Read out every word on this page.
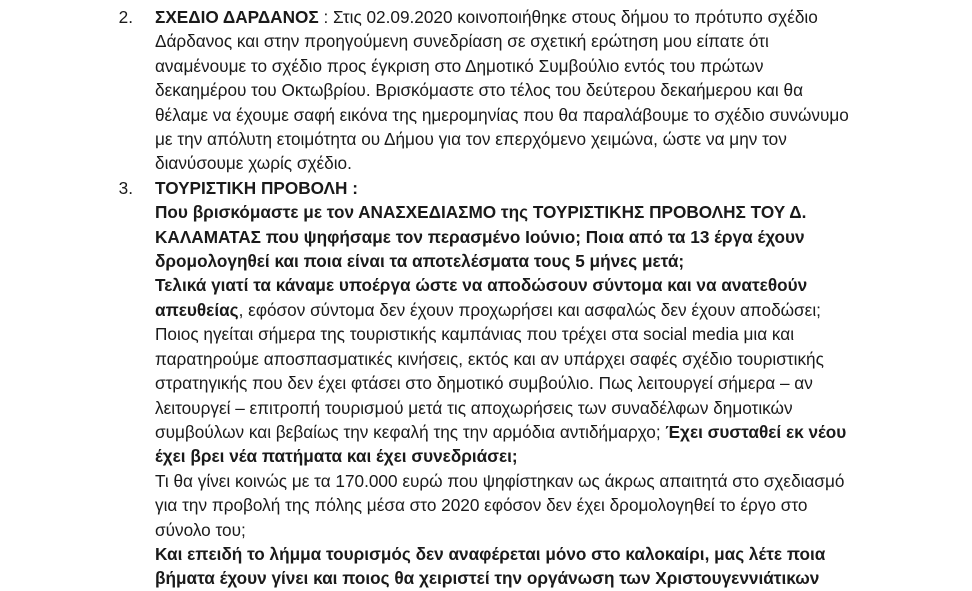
2.	ΣΧΕΔΙΟ ΔΑΡΔΑΝΟΣ : Στις 02.09.2020 κοινοποιήθηκε στους δήμου το πρότυπο σχέδιο
Δάρδανος και στην προηγούμενη συνεδρίαση σε σχετική ερώτηση μου είπατε ότι
αναμένουμε το σχέδιο προς έγκριση στο Δημοτικό Συμβούλιο εντός του πρώτων
δεκαημέρου του Οκτωβρίου. Βρισκόμαστε στο τέλος του δεύτερου δεκαήμερου και θα
θέλαμε να έχουμε σαφή εικόνα της ημερομηνίας που θα παραλάβουμε το σχέδιο συνώνυμο
με την απόλυτη ετοιμότητα ου Δήμου για τον επερχόμενο χειμώνα, ώστε να μην τον
διανύσουμε χωρίς σχέδιο.

3.	ΤΟΥΡΙΣΤΙΚΗ ΠΡΟΒΟΛΗ :

Που βρισκόμαστε με τον ΑΝΑΣΧΕΔΙΑΣΜΟ της ΤΟΥΡΙΣΤΙΚΗΣ ΠΡΟΒΟΛΗΣ ΤΟΥ Δ.
ΚΑΛΑΜΑΤΑΣ που ψηφήσαμε τον περασμένο Ιούνιο; Ποια από τα 13 έργα έχουν
δρομολογηθεί και ποια είναι τα αποτελέσματα τους 5 μήνες μετά;

Τελικά γιατί τα κάναμε υποέργα ώστε να αποδώσουν σύντομα και να ανατεθούν
απευθείας, εφόσον σύντομα δεν έχουν προχωρήσει και ασφαλώς δεν έχουν αποδώσει;

Ποιος ηγείται σήμερα της τουριστικής καμπάνιας που τρέχει στα social media μια και
παρατηρούμε αποσπασματικές κινήσεις, εκτός και αν υπάρχει σαφές σχέδιο τουριστικής
στρατηγικής που δεν έχει φτάσει στο δημοτικό συμβούλιο. Πως λειτουργεί σήμερα – αν
λειτουργεί – επιτροπή τουρισμού μετά τις αποχωρήσεις των συναδέλφων δημοτικών
συμβούλων και βεβαίως την κεφαλή της την αρμόδια αντιδήμαρχο; Έχει συσταθεί εκ νέου
έχει βρει νέα πατήματα και έχει συνεδριάσει;

Τι θα γίνει κοινώς με τα 170.000 ευρώ που ψηφίστηκαν ως άκρως απαιτητά στο σχεδιασμό
για την προβολή της πόλης μέσα στο 2020 εφόσον δεν έχει δρομολογηθεί το έργο στο
σύνολο του;

Και επειδή το λήμμα τουρισμός δεν αναφέρεται μόνο στο καλοκαίρι, μας λέτε ποια
βήματα έχουν γίνει και ποιος θα χειριστεί την οργάνωση των Χριστουγεννιάτικων
